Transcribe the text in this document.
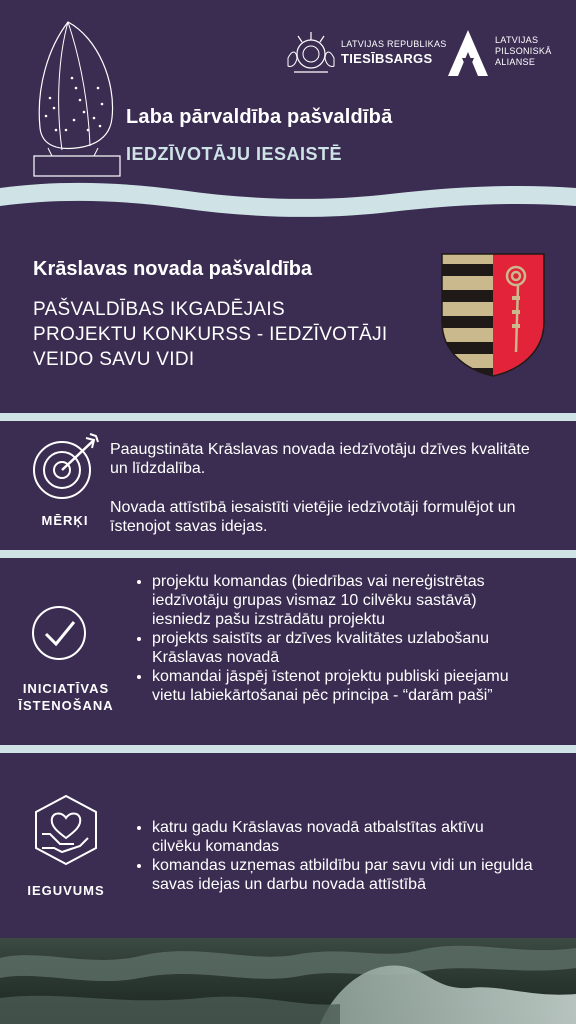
LATVIJAS REPUBLIKAS
TIESĪBSARGS
LATVIJAS
PILSONISKĀ
ALIANSE
Laba pārvaldība pašvaldībā
IEDZĪVOTĀJU IESAISTĒ
Krāslavas novada pašvaldība
PAŠVALDĪBAS IKGADĒJAIS PROJEKTU KONKURSS - IEDZĪVOTĀJI VEIDO SAVU VIDI
MĒRĶI
Paaugstināta Krāslavas novada iedzīvotāju dzīves kvalitāte un līdzdalība.
Novada attīstībā iesaistīti vietējie iedzīvotāji formulējot un īstenojot savas idejas.
INICIATĪVAS
ĪSTENOŠANA
• projektu komandas (biedrības vai nereģistrētas iedzīvotāju grupas vismaz 10 cilvēku sastāvā) iesniedz pašu izstrādātu projektu
• projekts saistīts ar dzīves kvalitātes uzlabošanu Krāslavas novadā
• komandai jāspēj īstenot projektu publiski pieejamu vietu labiekārtošanai pēc principa - “darām paši”
IEGUVUMS
• katru gadu Krāslavas novadā atbalstītas aktīvu cilvēku komandas
• komandas uzņemas atbildību par savu vidi un iegulda savas idejas un darbu novada attīstībā
